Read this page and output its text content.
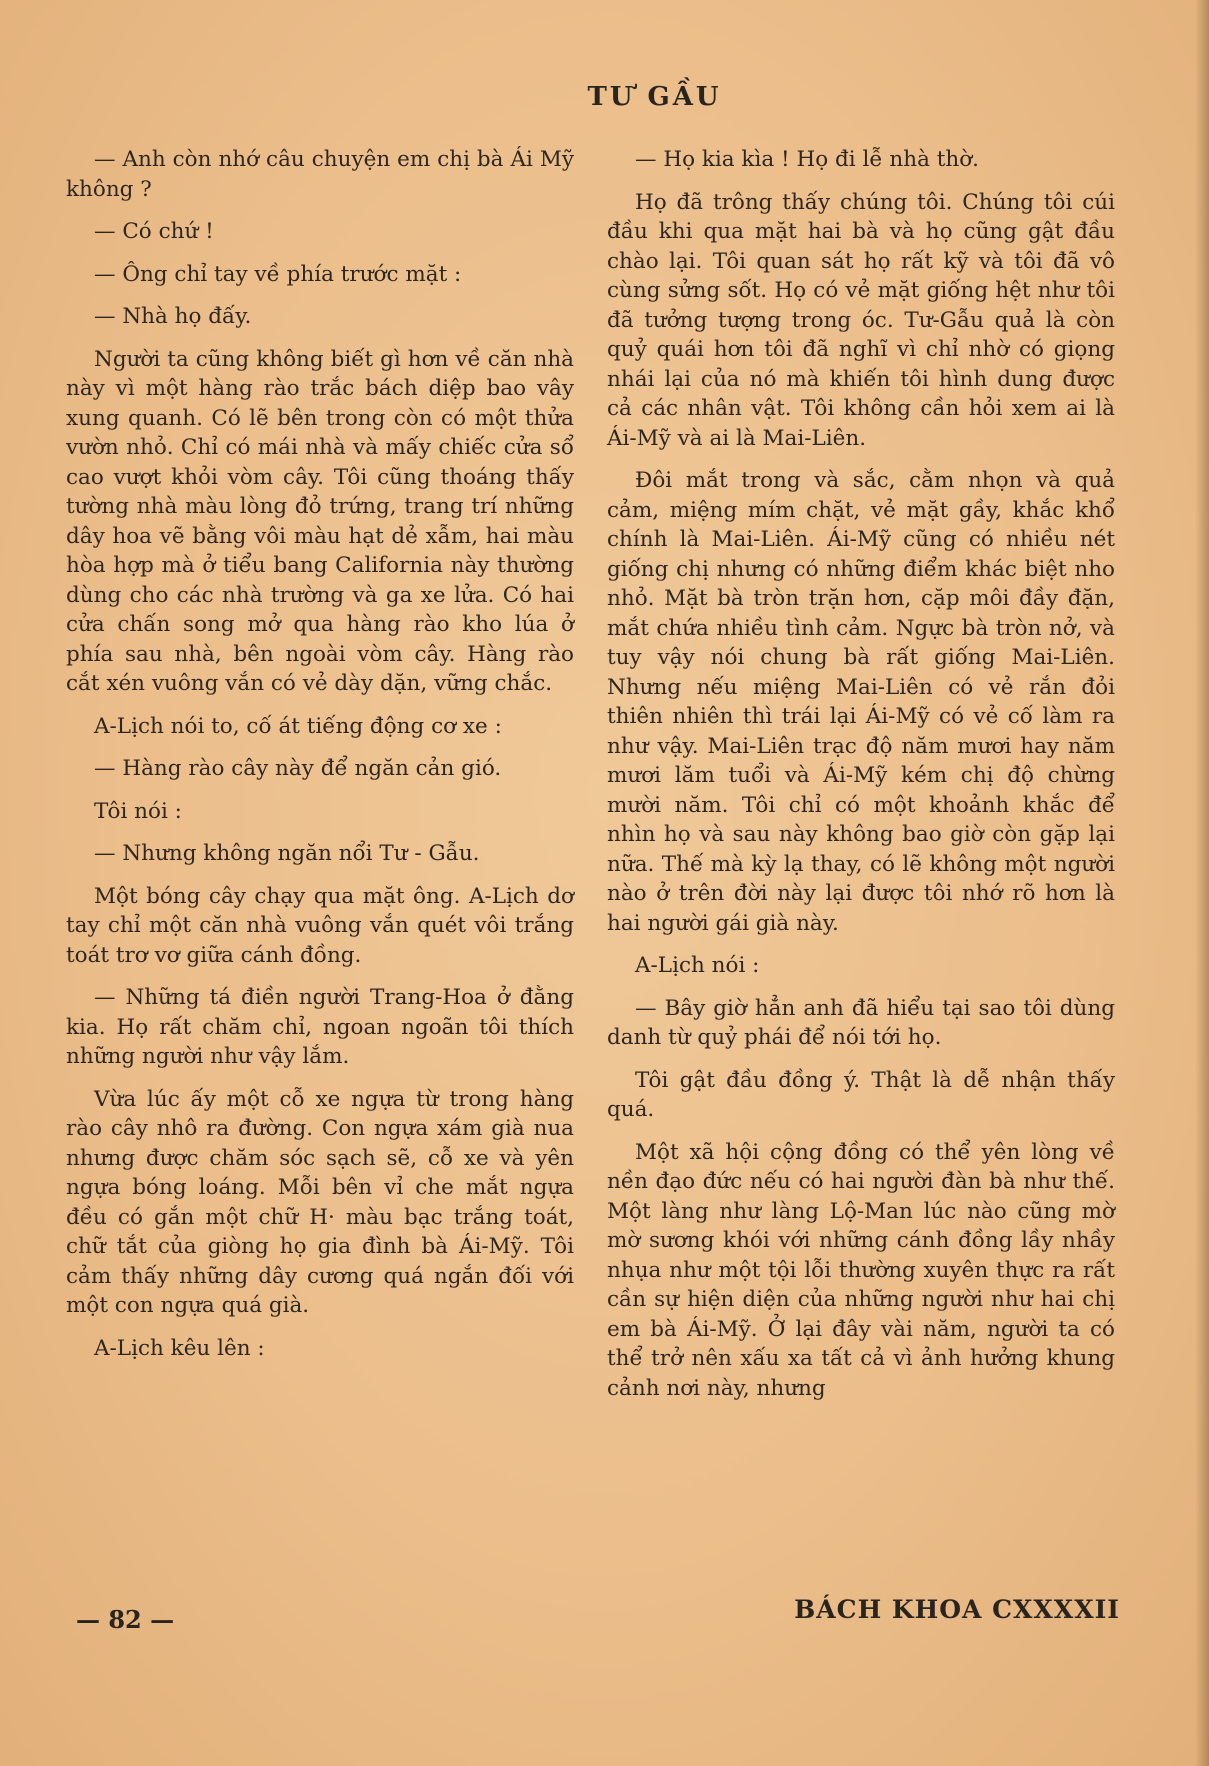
TƯ GẦU

— Anh còn nhớ câu chuyện em chị bà Ái Mỹ không ?

— Có chứ !

— Ông chỉ tay về phía trước mặt :

— Nhà họ đấy.

Người ta cũng không biết gì hơn về căn nhà này vì một hàng rào trắc bách diệp bao vây xung quanh. Có lẽ bên trong còn có một thửa vườn nhỏ. Chỉ có mái nhà và mấy chiếc cửa sổ cao vượt khỏi vòm cây. Tôi cũng thoáng thấy tường nhà màu lòng đỏ trứng, trang trí những dây hoa vẽ bằng vôi màu hạt dẻ xẫm, hai màu hòa hợp mà ở tiểu bang California này thường dùng cho các nhà trường và ga xe lửa. Có hai cửa chấn song mở qua hàng rào kho lúa ở phía sau nhà, bên ngoài vòm cây. Hàng rào cắt xén vuông vắn có vẻ dày dặn, vững chắc.

A-Lịch nói to, cố át tiếng động cơ xe :

— Hàng rào cây này để ngăn cản gió.

Tôi nói :

— Nhưng không ngăn nổi Tư - Gẫu.

Một bóng cây chạy qua mặt ông. A-Lịch dơ tay chỉ một căn nhà vuông vắn quét vôi trắng toát trơ vơ giữa cánh đồng.

— Những tá điền người Trang-Hoa ở đằng kia. Họ rất chăm chỉ, ngoan ngoãn tôi thích những người như vậy lắm.

Vừa lúc ấy một cỗ xe ngựa từ trong hàng rào cây nhô ra đường. Con ngựa xám già nua nhưng được chăm sóc sạch sẽ, cỗ xe và yên ngựa bóng loáng. Mỗi bên vỉ che mắt ngựa đều có gắn một chữ H· màu bạc trắng toát, chữ tắt của giòng họ gia đình bà Ái-Mỹ. Tôi cảm thấy những dây cương quá ngắn đối với một con ngựa quá già.

A-Lịch kêu lên :

— Họ kia kìa ! Họ đi lễ nhà thờ.

Họ đã trông thấy chúng tôi. Chúng tôi cúi đầu khi qua mặt hai bà và họ cũng gật đầu chào lại. Tôi quan sát họ rất kỹ và tôi đã vô cùng sửng sốt. Họ có vẻ mặt giống hệt như tôi đã tưởng tượng trong óc. Tư-Gẫu quả là còn quỷ quái hơn tôi đã nghĩ vì chỉ nhờ có giọng nhái lại của nó mà khiến tôi hình dung được cả các nhân vật. Tôi không cần hỏi xem ai là Ái-Mỹ và ai là Mai-Liên.

Đôi mắt trong và sắc, cằm nhọn và quả cảm, miệng mím chặt, vẻ mặt gầy, khắc khổ chính là Mai-Liên. Ái-Mỹ cũng có nhiều nét giống chị nhưng có những điểm khác biệt nho nhỏ. Mặt bà tròn trặn hơn, cặp môi đầy đặn, mắt chứa nhiều tình cảm. Ngực bà tròn nở, và tuy vậy nói chung bà rất giống Mai-Liên. Nhưng nếu miệng Mai-Liên có vẻ rắn đỏi thiên nhiên thì trái lại Ái-Mỹ có vẻ cố làm ra như vậy. Mai-Liên trạc độ năm mươi hay năm mươi lăm tuổi và Ái-Mỹ kém chị độ chừng mười năm. Tôi chỉ có một khoảnh khắc để nhìn họ và sau này không bao giờ còn gặp lại nữa. Thế mà kỳ lạ thay, có lẽ không một người nào ở trên đời này lại được tôi nhớ rõ hơn là hai người gái già này.

A-Lịch nói :

— Bây giờ hẳn anh đã hiểu tại sao tôi dùng danh từ quỷ phái để nói tới họ.

Tôi gật đầu đồng ý. Thật là dễ nhận thấy quá.

Một xã hội cộng đồng có thể yên lòng về nền đạo đức nếu có hai người đàn bà như thế. Một làng như làng Lộ-Man lúc nào cũng mờ mờ sương khói với những cánh đồng lầy nhầy nhụa như một tội lỗi thường xuyên thực ra rất cần sự hiện diện của những người như hai chị em bà Ái-Mỹ. Ở lại đây vài năm, người ta có thể trở nên xấu xa tất cả vì ảnh hưởng khung cảnh nơi này, nhưng

— 82 —	BÁCH KHOA CXXXXII
